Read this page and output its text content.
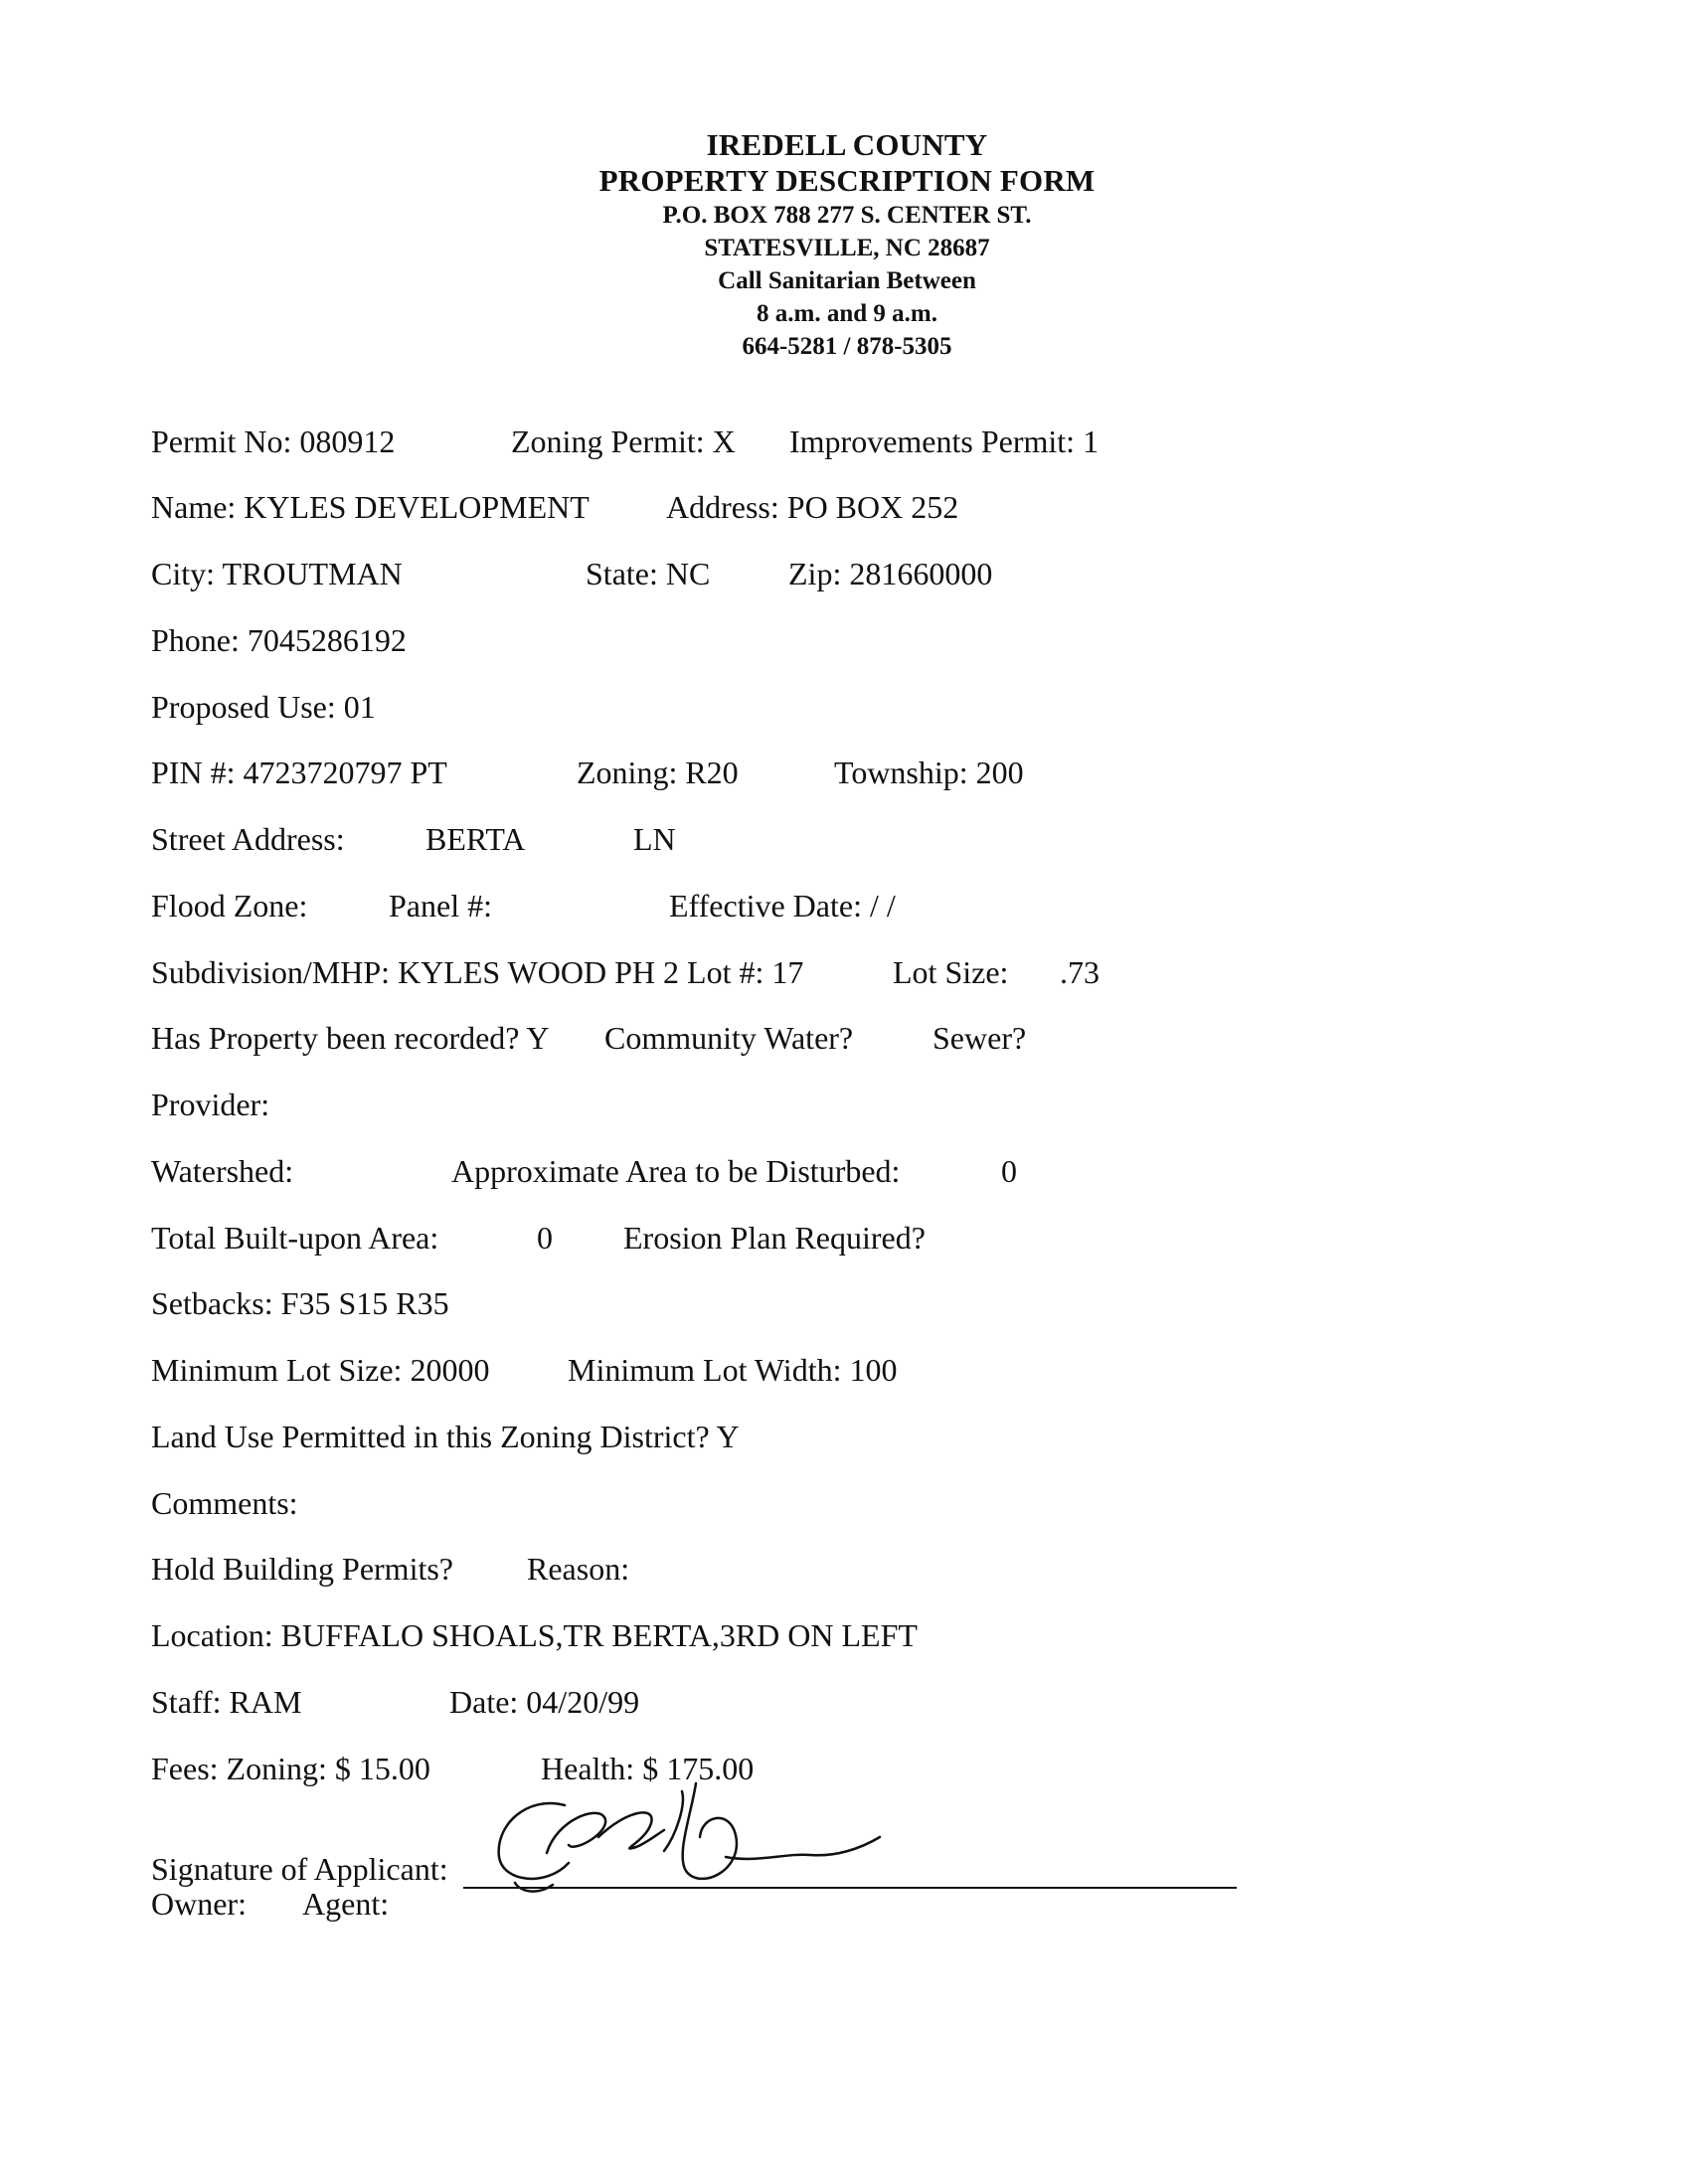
IREDELL COUNTY
PROPERTY DESCRIPTION FORM
P.O. BOX 788 277 S. CENTER ST.
STATESVILLE, NC 28687
Call Sanitarian Between
8 a.m. and 9 a.m.
664-5281 / 878-5305
Permit No: 080912	Zoning Permit: X Improvements Permit: 1
Name: KYLES DEVELOPMENT Address: PO BOX 252
City: TROUTMAN	State: NC Zip: 281660000
Phone: 7045286192
Proposed Use: 01
PIN #: 4723720797 PT	Zoning: R20	Township: 200
Street Address:	BERTA	LN
Flood Zone:	Panel #:	Effective Date: / /
Subdivision/MHP: KYLES WOOD PH 2 Lot #: 17	Lot Size: .73
Has Property been recorded? Y Community Water? Sewer?
Provider:
Watershed:	Approximate Area to be Disturbed:	0
Total Built-upon Area:	0 Erosion Plan Required?
Setbacks: F35 S15 R35
Minimum Lot Size: 20000 Minimum Lot Width: 100
Land Use Permitted in this Zoning District? Y
Comments:
Hold Building Permits? Reason:
Location: BUFFALO SHOALS,TR BERTA,3RD ON LEFT
Staff: RAM	Date: 04/20/99
Fees: Zoning: $ 15.00	Health: $ 175.00
Signature of Applicant:
Owner: Agent:
